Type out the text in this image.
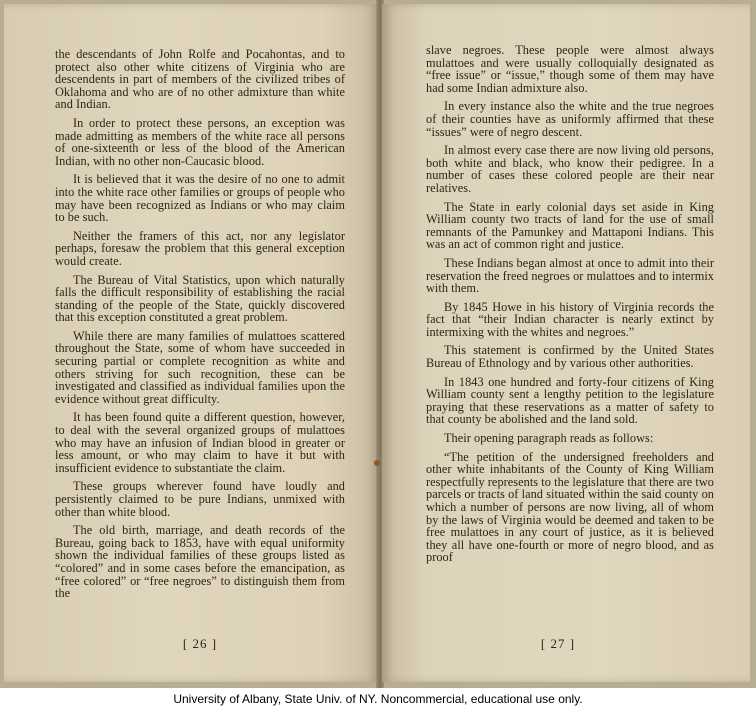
the descendants of John Rolfe and Pocahontas, and to protect also other white citizens of Virginia who are descendents in part of members of the civilized tribes of Oklahoma and who are of no other admixture than white and Indian.

In order to protect these persons, an exception was made admitting as members of the white race all persons of one-sixteenth or less of the blood of the American Indian, with no other non-Caucasic blood.

It is believed that it was the desire of no one to admit into the white race other families or groups of people who may have been recognized as Indians or who may claim to be such.

Neither the framers of this act, nor any legislator perhaps, foresaw the problem that this general exception would create.

The Bureau of Vital Statistics, upon which naturally falls the difficult responsibility of establishing the racial standing of the people of the State, quickly discovered that this exception constituted a great problem.

While there are many families of mulattoes scattered throughout the State, some of whom have succeeded in securing partial or complete recognition as white and others striving for such recognition, these can be investigated and classified as individual families upon the evidence without great difficulty.

It has been found quite a different question, however, to deal with the several organized groups of mulattoes who may have an infusion of Indian blood in greater or less amount, or who may claim to have it but with insufficient evidence to substantiate the claim.

These groups wherever found have loudly and persistently claimed to be pure Indians, unmixed with other than white blood.

The old birth, marriage, and death records of the Bureau, going back to 1853, have with equal uniformity shown the individual families of these groups listed as “colored” and in some cases before the emancipation, as “free colored” or “free negroes” to distinguish them from the

[ 26 ]

slave negroes. These people were almost always mulattoes and were usually colloquially designated as “free issue” or “issue,” though some of them may have had some Indian admixture also.

In every instance also the white and the true negroes of their counties have as uniformly affirmed that these “issues” were of negro descent.

In almost every case there are now living old persons, both white and black, who know their pedigree. In a number of cases these colored people are their near relatives.

The State in early colonial days set aside in King William county two tracts of land for the use of small remnants of the Pamunkey and Mattaponi Indians. This was an act of common right and justice.

These Indians began almost at once to admit into their reservation the freed negroes or mulattoes and to intermix with them.

By 1845 Howe in his history of Virginia records the fact that “their Indian character is nearly extinct by intermixing with the whites and negroes.”

This statement is confirmed by the United States Bureau of Ethnology and by various other authorities.

In 1843 one hundred and forty-four citizens of King William county sent a lengthy petition to the legislature praying that these reservations as a matter of safety to that county be abolished and the land sold.

Their opening paragraph reads as follows:

“The petition of the undersigned freeholders and other white inhabitants of the County of King William respectfully represents to the legislature that there are two parcels or tracts of land situated within the said county on which a number of persons are now living, all of whom by the laws of Virginia would be deemed and taken to be free mulattoes in any court of justice, as it is believed they all have one-fourth or more of negro blood, and as proof

[ 27 ]
University of Albany, State Univ. of NY. Noncommercial, educational use only.
